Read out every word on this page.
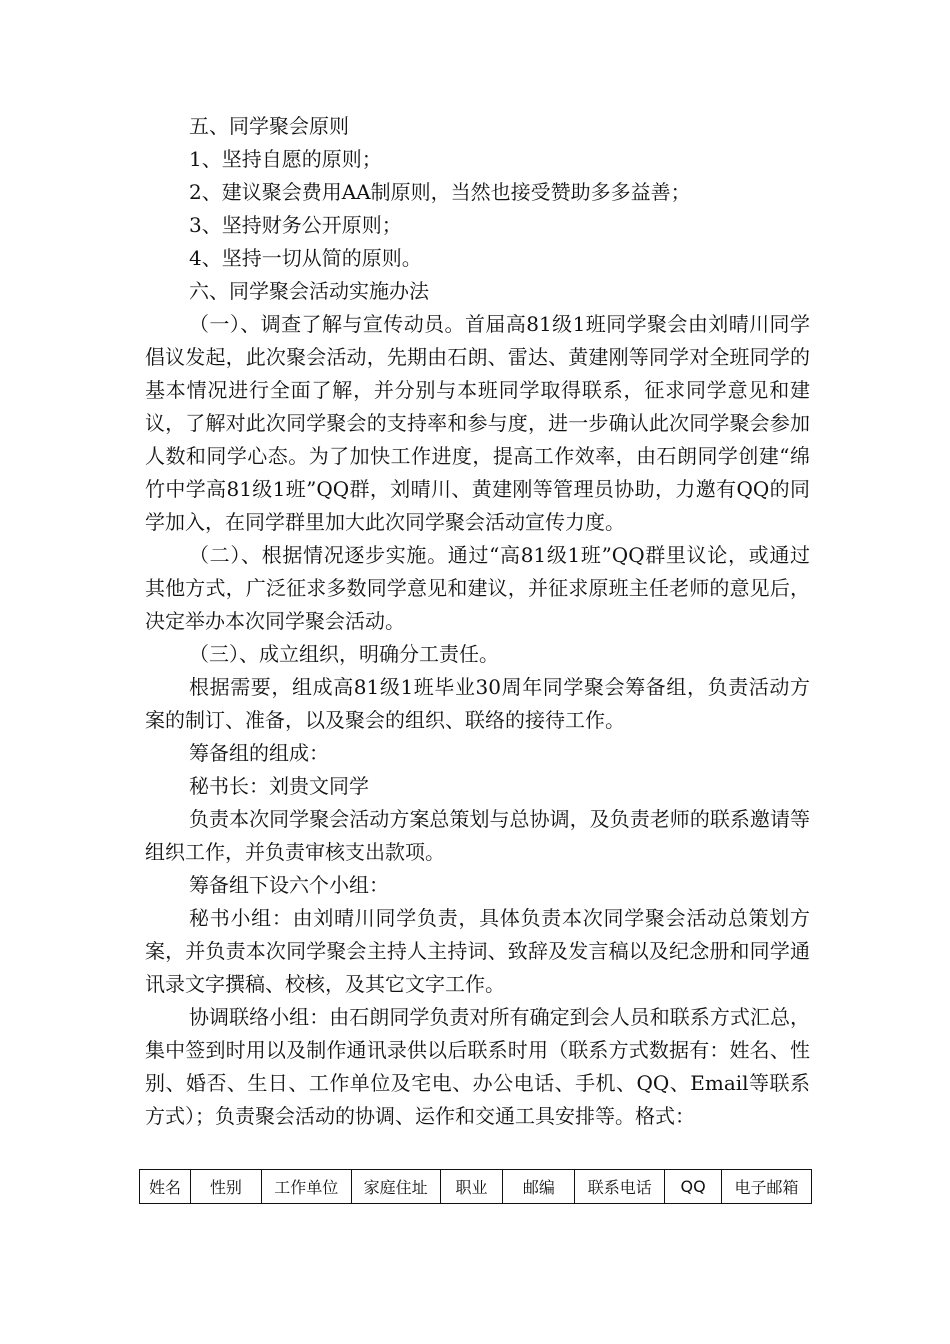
五、同学聚会原则

1、坚持自愿的原则；

2、建议聚会费用AA制原则，当然也接受赞助多多益善；

3、坚持财务公开原则；

4、坚持一切从简的原则。

六、同学聚会活动实施办法

（一）、调查了解与宣传动员。首届高81级1班同学聚会由刘晴川同学倡议发起，此次聚会活动，先期由石朗、雷达、黄建刚等同学对全班同学的基本情况进行全面了解，并分别与本班同学取得联系，征求同学意见和建议，了解对此次同学聚会的支持率和参与度，进一步确认此次同学聚会参加人数和同学心态。为了加快工作进度，提高工作效率，由石朗同学创建“绵竹中学高81级1班”QQ群，刘晴川、黄建刚等管理员协助，力邀有QQ的同学加入，在同学群里加大此次同学聚会活动宣传力度。

（二）、根据情况逐步实施。通过“高81级1班”QQ群里议论，或通过其他方式，广泛征求多数同学意见和建议，并征求原班主任老师的意见后，决定举办本次同学聚会活动。

（三）、成立组织，明确分工责任。

根据需要，组成高81级1班毕业30周年同学聚会筹备组，负责活动方案的制订、准备，以及聚会的组织、联络的接待工作。

筹备组的组成：

秘书长：刘贵文同学

负责本次同学聚会活动方案总策划与总协调，及负责老师的联系邀请等组织工作，并负责审核支出款项。

筹备组下设六个小组：

秘书小组：由刘晴川同学负责，具体负责本次同学聚会活动总策划方案，并负责本次同学聚会主持人主持词、致辞及发言稿以及纪念册和同学通讯录文字撰稿、校核，及其它文字工作。

协调联络小组：由石朗同学负责对所有确定到会人员和联系方式汇总，集中签到时用以及制作通讯录供以后联系时用（联系方式数据有：姓名、性别、婚否、生日、工作单位及宅电、办公电话、手机、QQ、Email等联系方式）；负责聚会活动的协调、运作和交通工具安排等。格式：

姓名	性别	工作单位	家庭住址	职业	邮编	联系电话	QQ	电子邮箱
